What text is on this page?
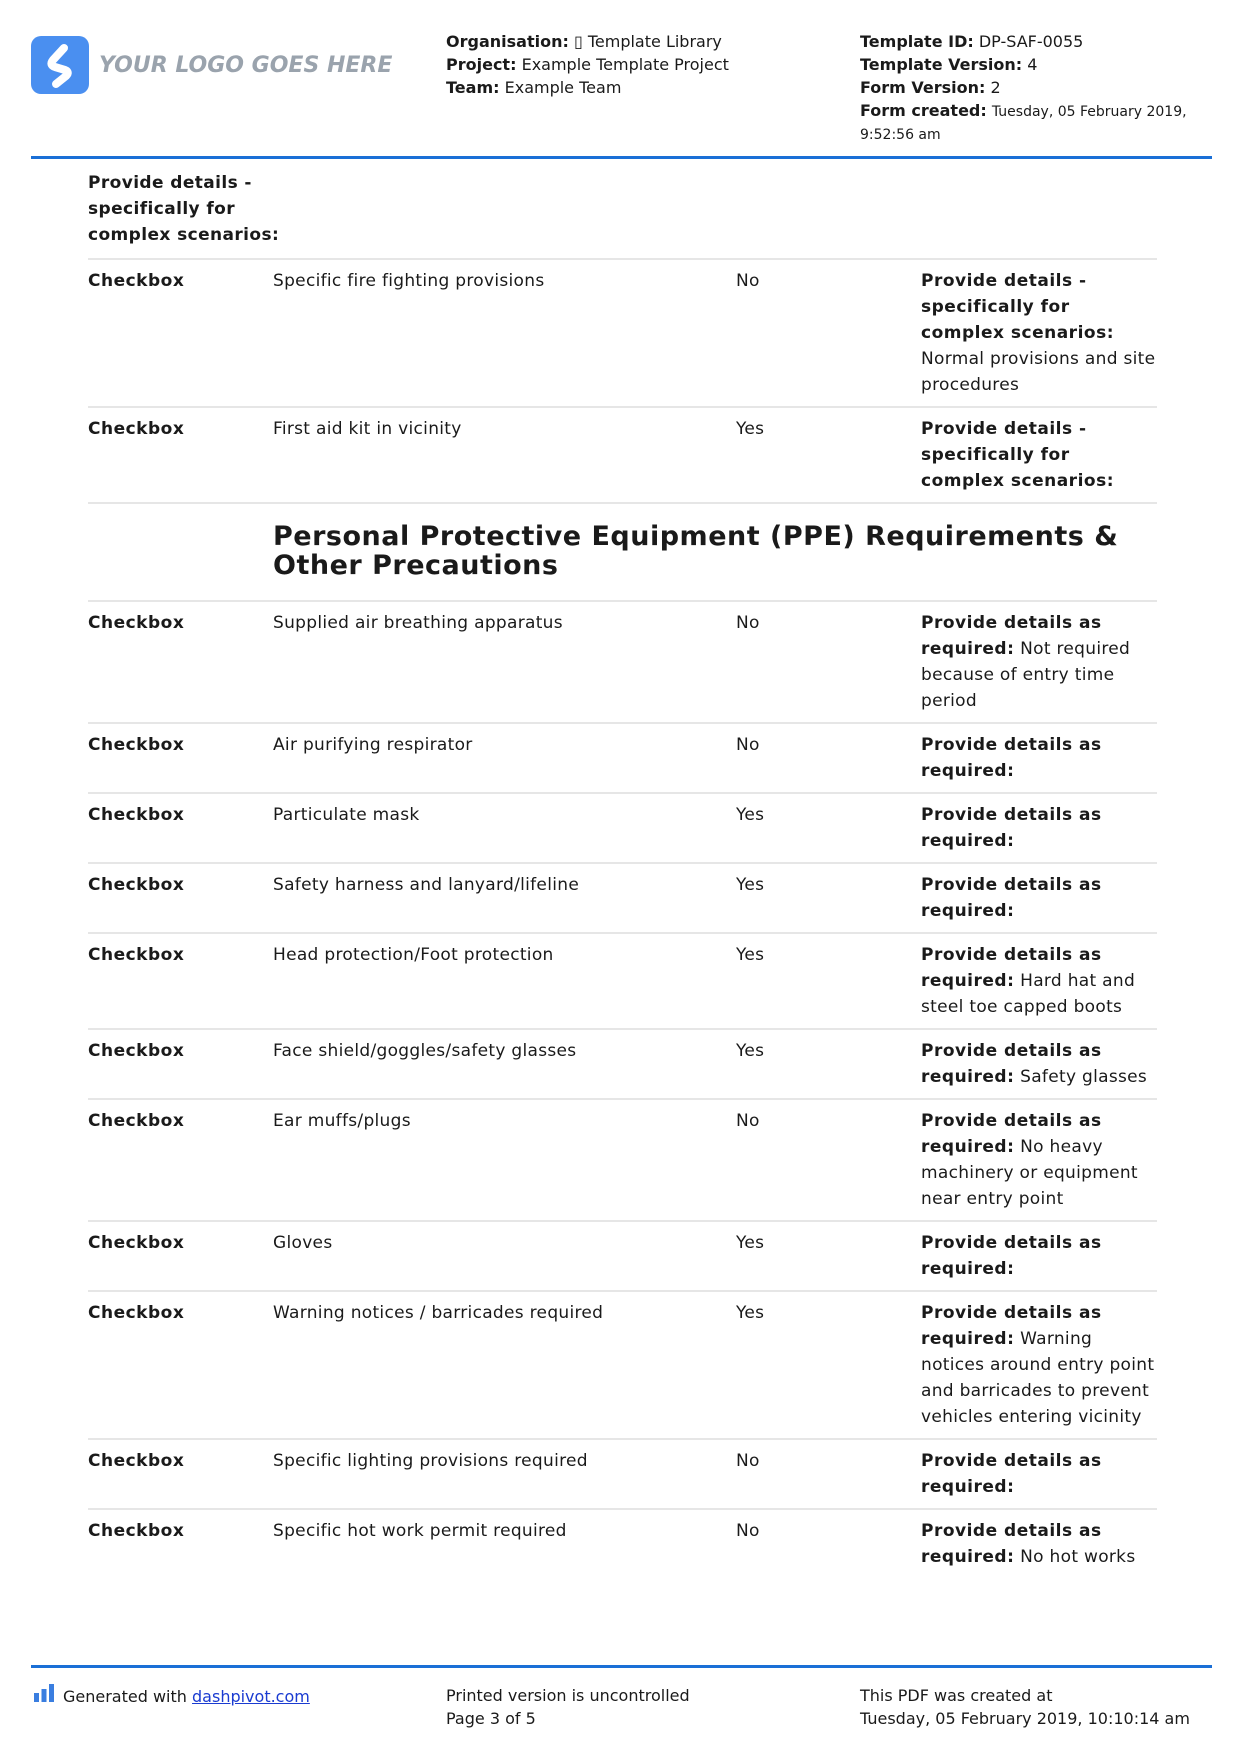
YOUR LOGO GOES HERE
Organisation: ▯ Template Library
Project: Example Template Project
Team: Example Team
Template ID: DP-SAF-0055
Template Version: 4
Form Version: 2
Form created: Tuesday, 05 February 2019,
9:52:56 am
Provide details - specifically for complex scenarios:
Checkbox	Specific fire fighting provisions	No	Provide details - specifically for complex scenarios: Normal provisions and site procedures
Checkbox	First aid kit in vicinity	Yes	Provide details - specifically for complex scenarios:
Personal Protective Equipment (PPE) Requirements & Other Precautions
Checkbox	Supplied air breathing apparatus	No	Provide details as required: Not required because of entry time period
Checkbox	Air purifying respirator	No	Provide details as required:
Checkbox	Particulate mask	Yes	Provide details as required:
Checkbox	Safety harness and lanyard/lifeline	Yes	Provide details as required:
Checkbox	Head protection/Foot protection	Yes	Provide details as required: Hard hat and steel toe capped boots
Checkbox	Face shield/goggles/safety glasses	Yes	Provide details as required: Safety glasses
Checkbox	Ear muffs/plugs	No	Provide details as required: No heavy machinery or equipment near entry point
Checkbox	Gloves	Yes	Provide details as required:
Checkbox	Warning notices / barricades required	Yes	Provide details as required: Warning notices around entry point and barricades to prevent vehicles entering vicinity
Checkbox	Specific lighting provisions required	No	Provide details as required:
Checkbox	Specific hot work permit required	No	Provide details as required: No hot works
Generated with
dashpivot.com	Printed version is uncontrolled
Page 3 of 5
This PDF was created at
Tuesday, 05 February 2019, 10:10:14 am
